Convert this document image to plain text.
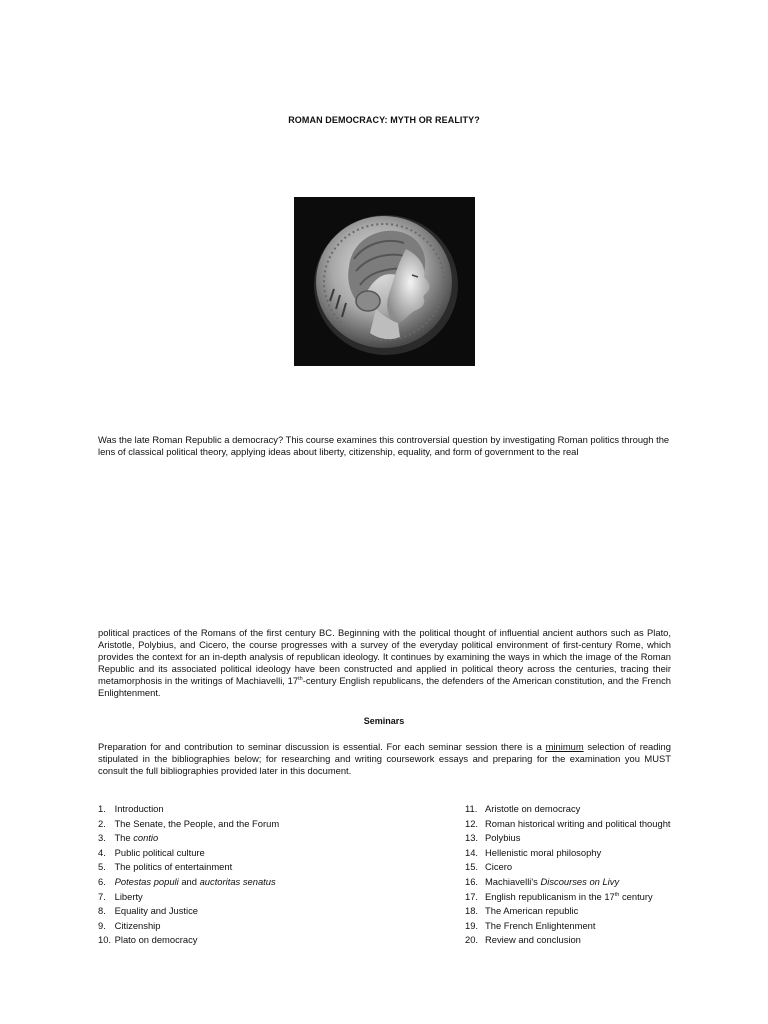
ROMAN DEMOCRACY: MYTH OR REALITY?

Was the late Roman Republic a democracy? This course examines this controversial question by investigating Roman politics through the lens of classical political theory, applying ideas about liberty, citizenship, equality, and form of government to the real

political practices of the Romans of the first century BC. Beginning with the political thought of influential ancient authors such as Plato, Aristotle, Polybius, and Cicero, the course progresses with a survey of the everyday political environment of first-century Rome, which provides the context for an in-depth analysis of republican ideology. It continues by examining the ways in which the image of the Roman Republic and its associated political ideology have been constructed and applied in political theory across the centuries, tracing their metamorphosis in the writings of Machiavelli, 17th-century English republicans, the defenders of the American constitution, and the French Enlightenment.

Seminars

Preparation for and contribution to seminar discussion is essential. For each seminar session there is a minimum selection of reading stipulated in the bibliographies below; for researching and writing coursework essays and preparing for the examination you MUST consult the full bibliographies provided later in this document.

1. Introduction
2. The Senate, the People, and the Forum
3. The contio
4. Public political culture
5. The politics of entertainment
6. Potestas populi and auctoritas senatus
7. Liberty
8. Equality and Justice
9. Citizenship
10. Plato on democracy
11. Aristotle on democracy
12. Roman historical writing and political thought
13. Polybius
14. Hellenistic moral philosophy
15. Cicero
16. Machiavelli's Discourses on Livy
17. English republicanism in the 17th century
18. The American republic
19. The French Enlightenment
20. Review and conclusion
